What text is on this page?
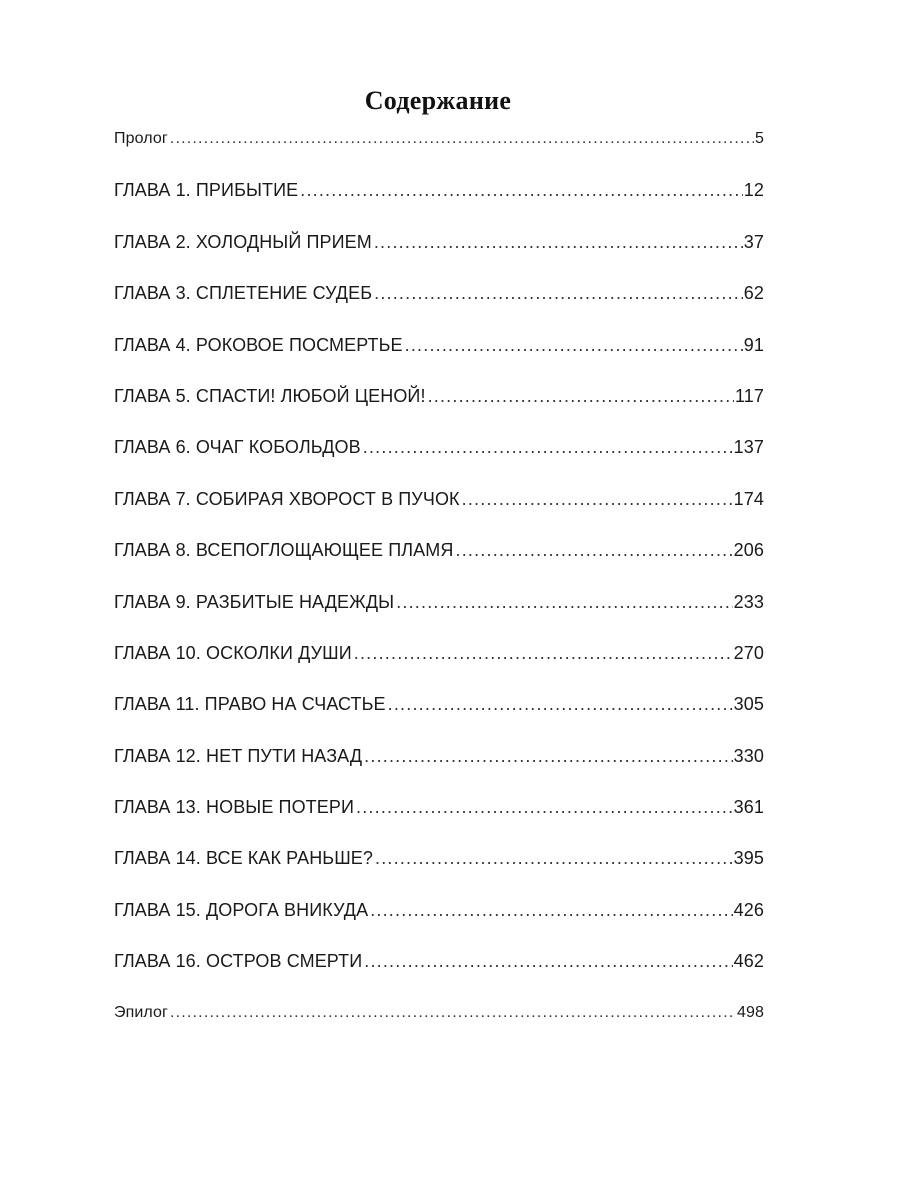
Содержание
Пролог .....	5
ГЛАВА 1. ПРИБЫТИЕ .....	12
ГЛАВА 2. ХОЛОДНЫЙ ПРИЕМ .....	37
ГЛАВА 3. СПЛЕТЕНИЕ СУДЕБ .....	62
ГЛАВА 4. РОКОВОЕ ПОСМЕРТЬЕ .....	91
ГЛАВА 5. СПАСТИ! ЛЮБОЙ ЦЕНОЙ! .....	117
ГЛАВА 6. ОЧАГ КОБОЛЬДОВ .....	137
ГЛАВА 7. СОБИРАЯ ХВОРОСТ В ПУЧОК .....	174
ГЛАВА 8. ВСЕПОГЛОЩАЮЩЕЕ ПЛАМЯ .....	206
ГЛАВА 9. РАЗБИТЫЕ НАДЕЖДЫ .....	233
ГЛАВА 10. ОСКОЛКИ ДУШИ .....	270
ГЛАВА 11. ПРАВО НА СЧАСТЬЕ .....	305
ГЛАВА 12. НЕТ ПУТИ НАЗАД .....	330
ГЛАВА 13. НОВЫЕ ПОТЕРИ .....	361
ГЛАВА 14. ВСЕ КАК РАНЬШЕ? .....	395
ГЛАВА 15. ДОРОГА ВНИКУДА .....	426
ГЛАВА 16. ОСТРОВ СМЕРТИ .....	462
Эпилог .....	498
